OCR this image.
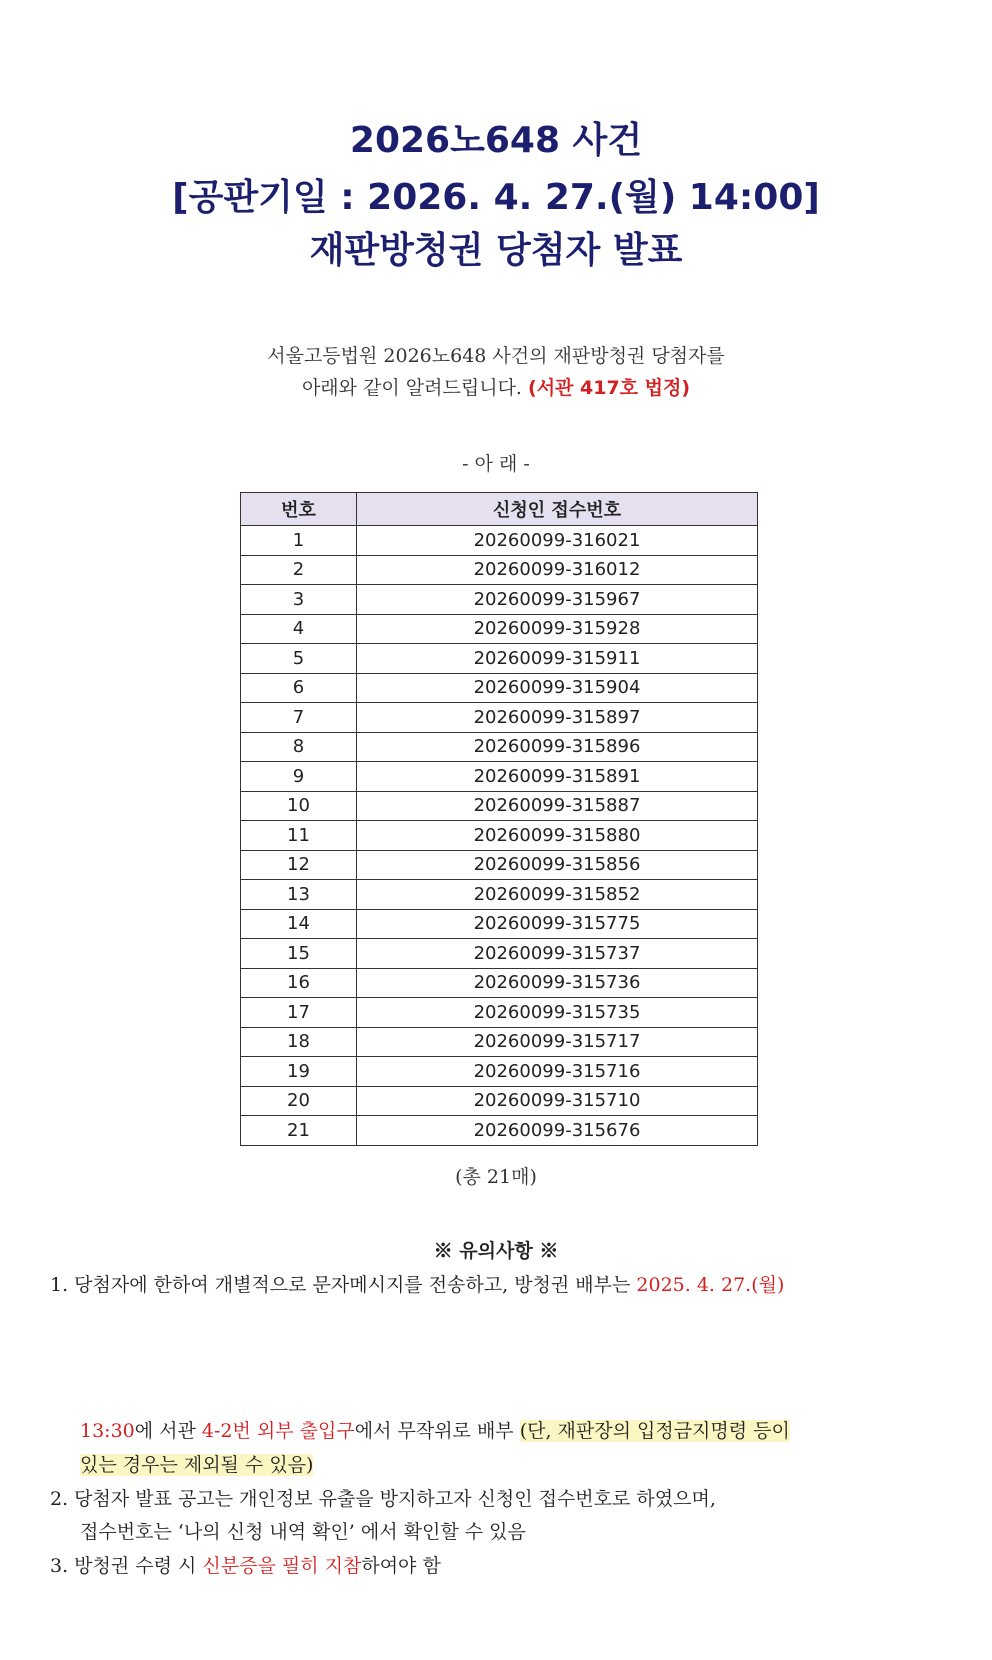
2026노648 사건
[공판기일 : 2026. 4. 27.(월) 14:00]
재판방청권 당첨자 발표
서울고등법원 2026노648 사건의 재판방청권 당첨자를
아래와 같이 알려드립니다. (서관 417호 법정)
- 아 래 -
번호	신청인 접수번호
1	20260099-316021
2	20260099-316012
3	20260099-315967
4	20260099-315928
5	20260099-315911
6	20260099-315904
7	20260099-315897
8	20260099-315896
9	20260099-315891
10	20260099-315887
11	20260099-315880
12	20260099-315856
13	20260099-315852
14	20260099-315775
15	20260099-315737
16	20260099-315736
17	20260099-315735
18	20260099-315717
19	20260099-315716
20	20260099-315710
21	20260099-315676
(총 21매)
※ 유의사항 ※
1. 당첨자에 한하여 개별적으로 문자메시지를 전송하고, 방청권 배부는 2025. 4. 27.(월)
13:30에 서관 4-2번 외부 출입구에서 무작위로 배부 (단, 재판장의 입정금지명령 등이
있는 경우는 제외될 수 있음)
2. 당첨자 발표 공고는 개인정보 유출을 방지하고자 신청인 접수번호로 하였으며,
접수번호는 ‘나의 신청 내역 확인’ 에서 확인할 수 있음
3. 방청권 수령 시 신분증을 필히 지참하여야 함
